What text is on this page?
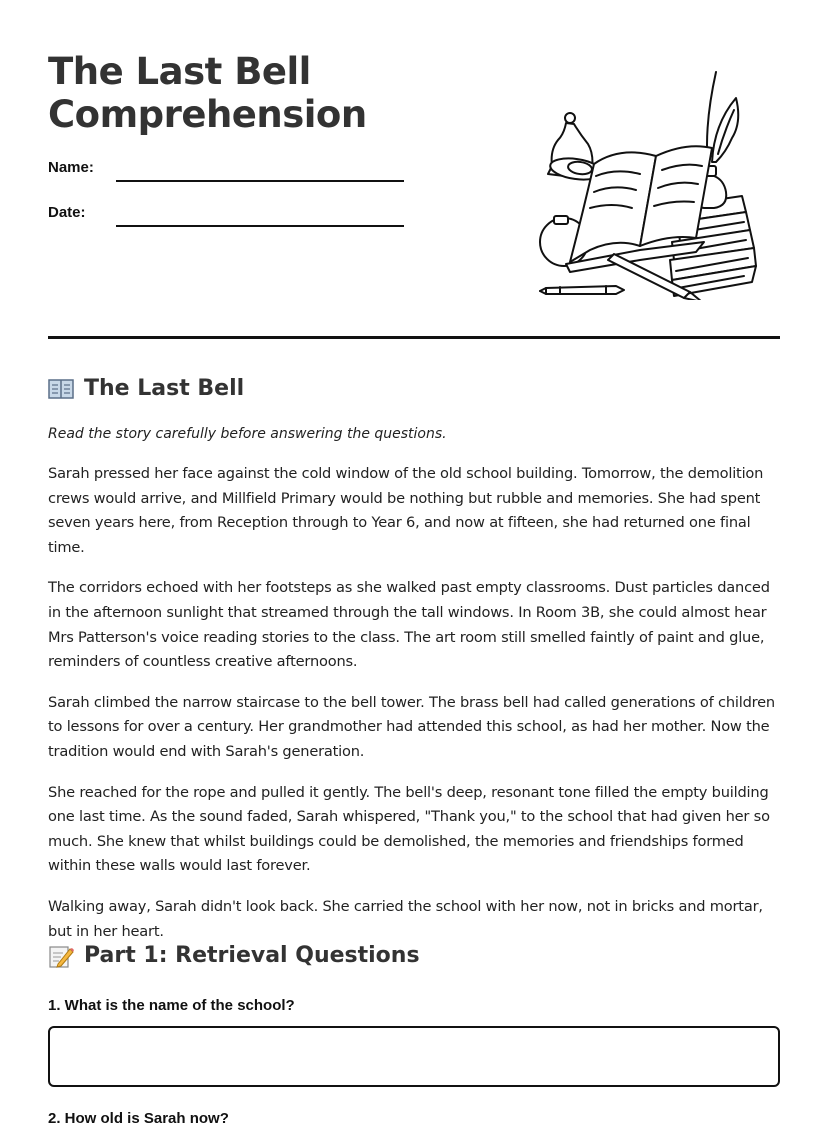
The Last Bell
Comprehension
Name:
Date:
The Last Bell

Read the story carefully before answering the questions.

Sarah pressed her face against the cold window of the old school building. Tomorrow, the demolition crews would arrive, and Millfield Primary would be nothing but rubble and memories. She had spent seven years here, from Reception through to Year 6, and now at fifteen, she had returned one final time.

The corridors echoed with her footsteps as she walked past empty classrooms. Dust particles danced in the afternoon sunlight that streamed through the tall windows. In Room 3B, she could almost hear Mrs Patterson's voice reading stories to the class. The art room still smelled faintly of paint and glue, reminders of countless creative afternoons.

Sarah climbed the narrow staircase to the bell tower. The brass bell had called generations of children to lessons for over a century. Her grandmother had attended this school, as had her mother. Now the tradition would end with Sarah's generation.

She reached for the rope and pulled it gently. The bell's deep, resonant tone filled the empty building one last time. As the sound faded, Sarah whispered, "Thank you," to the school that had given her so much. She knew that whilst buildings could be demolished, the memories and friendships formed within these walls would last forever.

Walking away, Sarah didn't look back. She carried the school with her now, not in bricks and mortar, but in her heart.

Part 1: Retrieval Questions

1. What is the name of the school?

2. How old is Sarah now?
